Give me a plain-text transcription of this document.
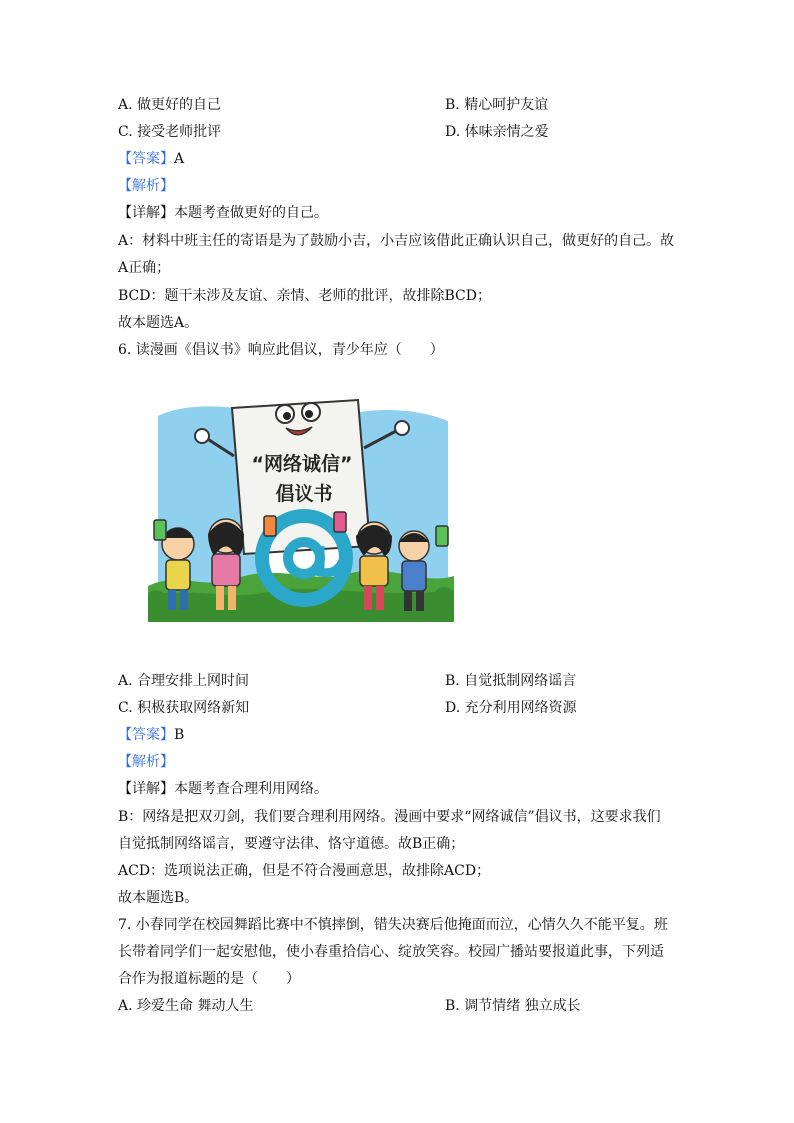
A. 做更好的自己	B. 精心呵护友谊
C. 接受老师批评	D. 体味亲情之爱
【答案】A
【解析】
【详解】本题考查做更好的自己。
A：材料中班主任的寄语是为了鼓励小吉，小吉应该借此正确认识自己，做更好的自己。故
A正确；
BCD：题干未涉及友谊、亲情、老师的批评，故排除BCD；
故本题选A。
6. 读漫画《倡议书》响应此倡议，青少年应（　　）
“网络诚信”
倡议书
A. 合理安排上网时间	B. 自觉抵制网络谣言
C. 积极获取网络新知	D. 充分利用网络资源
【答案】B
【解析】
【详解】本题考查合理利用网络。
B：网络是把双刃剑，我们要合理利用网络。漫画中要求“网络诚信”倡议书，这要求我们
自觉抵制网络谣言，要遵守法律、恪守道德。故B正确；
ACD：选项说法正确，但是不符合漫画意思，故排除ACD；
故本题选B。
7. 小春同学在校园舞蹈比赛中不慎摔倒，错失决赛后他掩面而泣，心情久久不能平复。班
长带着同学们一起安慰他，使小春重拾信心、绽放笑容。校园广播站要报道此事，下列适
合作为报道标题的是（　　）
A. 珍爱生命 舞动人生	B. 调节情绪 独立成长
